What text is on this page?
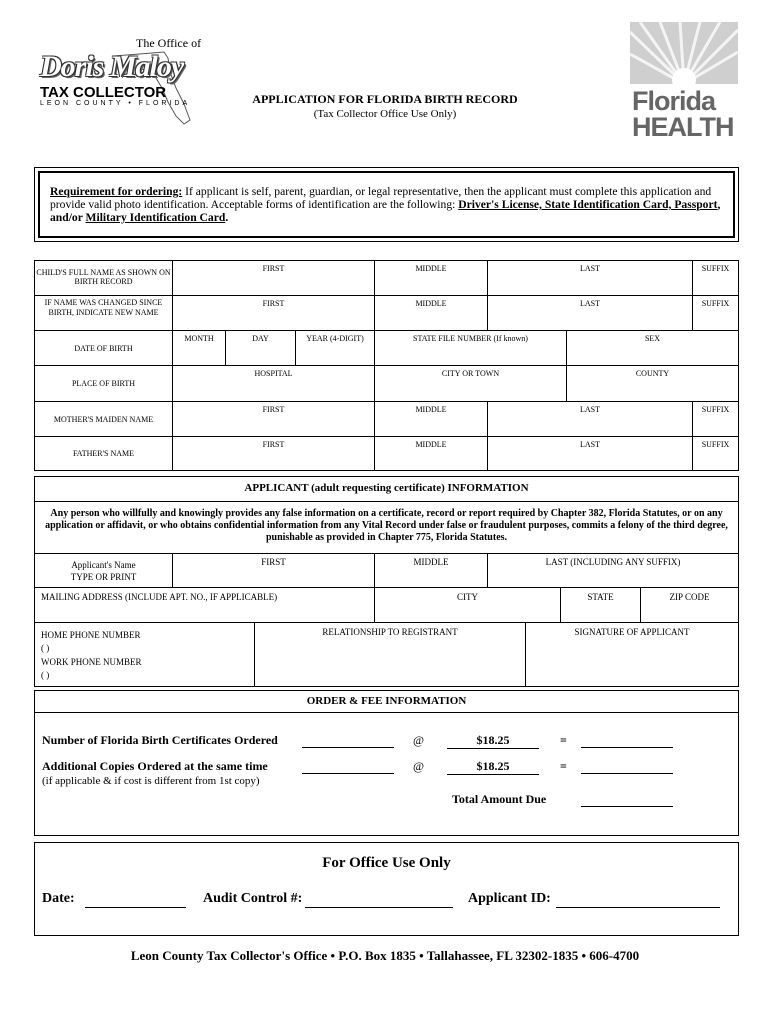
The Office of
Doris Maloy
TAX COLLECTOR
LEON COUNTY • FLORIDA	Florida
HEALTH
APPLICATION FOR FLORIDA BIRTH RECORD
(Tax Collector Office Use Only)
Requirement for ordering: If applicant is self, parent, guardian, or legal representative, then the applicant must complete this application and provide valid photo identification. Acceptable forms of identification are the following: Driver's License, State Identification Card, Passport, and/or Military Identification Card.
CHILD'S FULL NAME AS SHOWN ON BIRTH RECORD
FIRST	MIDDLE	LAST	SUFFIX
IF NAME WAS CHANGED SINCE BIRTH, INDICATE NEW NAME
FIRST	MIDDLE	LAST	SUFFIX
DATE OF BIRTH
MONTH	DAY	YEAR (4-DIGIT)	STATE FILE NUMBER (If known)	SEX
PLACE OF BIRTH
HOSPITAL	CITY OR TOWN	COUNTY
MOTHER'S MAIDEN NAME
FIRST	MIDDLE	LAST	SUFFIX
FATHER'S NAME
FIRST	MIDDLE	LAST	SUFFIX
APPLICANT (adult requesting certificate) INFORMATION
Any person who willfully and knowingly provides any false information on a certificate, record or report required by Chapter 382, Florida Statutes, or on any application or affidavit, or who obtains confidential information from any Vital Record under false or fraudulent purposes, commits a felony of the third degree, punishable as provided in Chapter 775, Florida Statutes.
Applicant's Name
TYPE OR PRINT
FIRST	MIDDLE	LAST (INCLUDING ANY SUFFIX)
MAILING ADDRESS (INCLUDE APT. NO., IF APPLICABLE)	CITY	STATE	ZIP CODE
HOME PHONE NUMBER
( )
WORK PHONE NUMBER
( )
RELATIONSHIP TO REGISTRANT	SIGNATURE OF APPLICANT
ORDER & FEE INFORMATION
Number of Florida Birth Certificates Ordered	@	$18.25	=
Additional Copies Ordered at the same time	@	$18.25	=
(if applicable & if cost is different from 1st copy)
Total Amount Due
For Office Use Only
Date:	Audit Control #:	Applicant ID:
Leon County Tax Collector's Office • P.O. Box 1835 • Tallahassee, FL 32302-1835 • 606-4700
